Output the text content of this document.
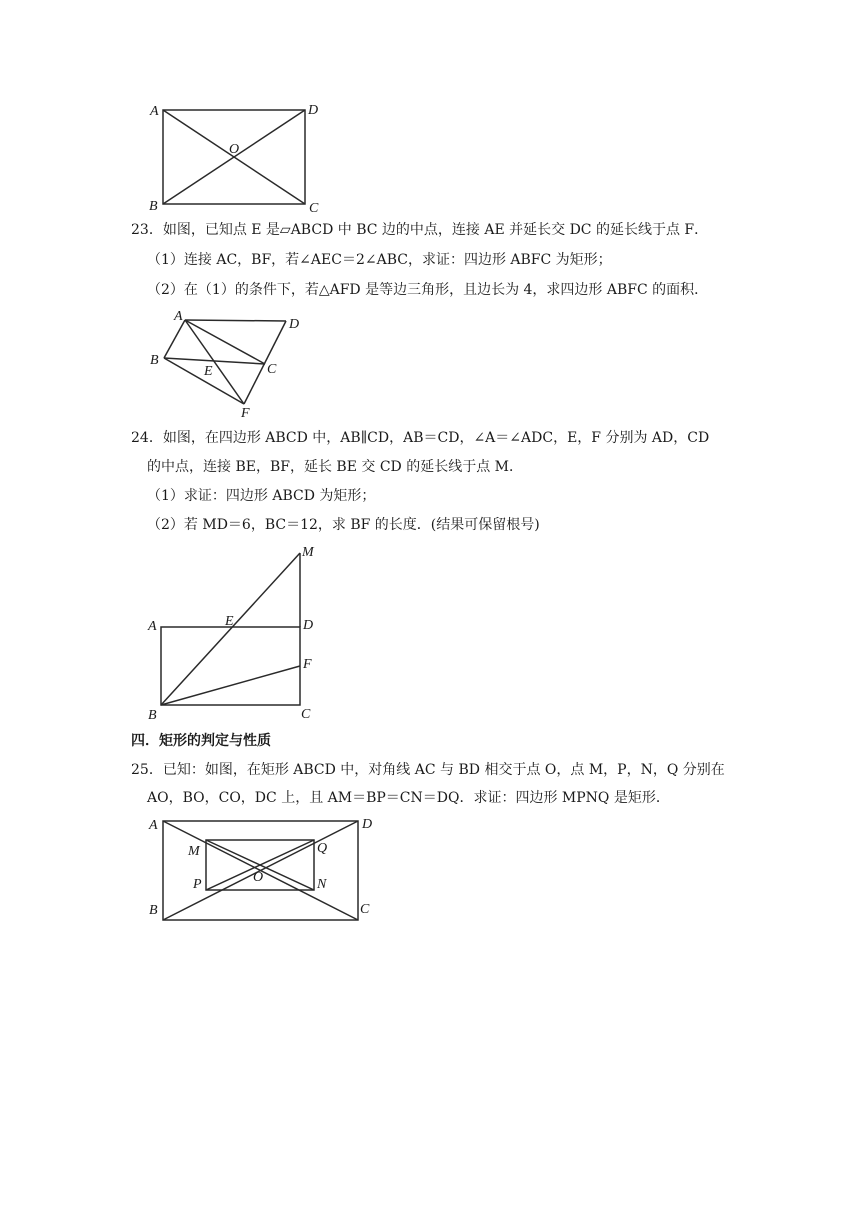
A
B	C
D
O
23．如图，已知点 E 是▱ABCD 中 BC 边的中点，连接 AE 并延长交 DC 的延长线于点 F．
（1）连接 AC，BF，若∠AEC＝2∠ABC，求证：四边形 ABFC 为矩形；
（2）在（1）的条件下，若△AFD 是等边三角形，且边长为 4，求四边形 ABFC 的面积．
A
B
C
D
E
F
24．如图，在四边形 ABCD 中，AB∥CD，AB＝CD，∠A＝∠ADC，E，F 分别为 AD，CD
的中点，连接 BE，BF，延长 BE 交 CD 的延长线于点 M．
（1）求证：四边形 ABCD 为矩形；
（2）若 MD＝6，BC＝12，求 BF 的长度．(结果可保留根号)
A
B	C
D
E
F
M
四．矩形的判定与性质
25．已知：如图，在矩形 ABCD 中，对角线 AC 与 BD 相交于点 O，点 M，P，N，Q 分别在
AO，BO，CO，DC 上，且 AM＝BP＝CN＝DQ．求证：四边形 MPNQ 是矩形．
A
B	C
D
M
N
O
P
Q
